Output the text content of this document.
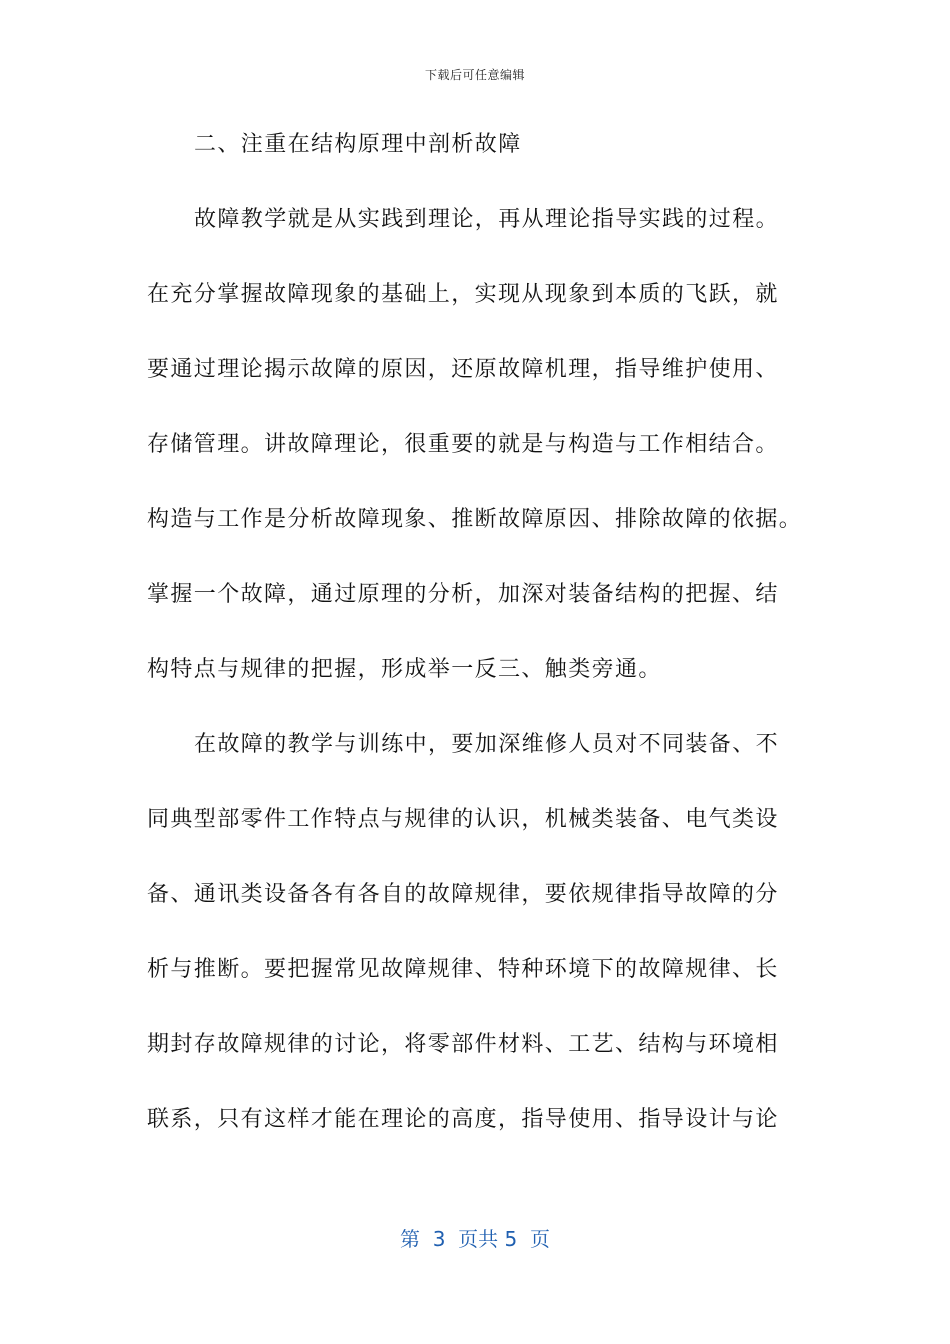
下载后可任意编辑
二、注重在结构原理中剖析故障
故障教学就是从实践到理论，再从理论指导实践的过程。
在充分掌握故障现象的基础上，实现从现象到本质的飞跃，就
要通过理论揭示故障的原因，还原故障机理，指导维护使用、
存储管理。讲故障理论，很重要的就是与构造与工作相结合。
构造与工作是分析故障现象、推断故障原因、排除故障的依据。
掌握一个故障，通过原理的分析，加深对装备结构的把握、结
构特点与规律的把握，形成举一反三、触类旁通。
在故障的教学与训练中，要加深维修人员对不同装备、不
同典型部零件工作特点与规律的认识，机械类装备、电气类设
备、通讯类设备各有各自的故障规律，要依规律指导故障的分
析与推断。要把握常见故障规律、特种环境下的故障规律、长
期封存故障规律的讨论，将零部件材料、工艺、结构与环境相
联系，只有这样才能在理论的高度，指导使用、指导设计与论
第  3  页共 5  页
